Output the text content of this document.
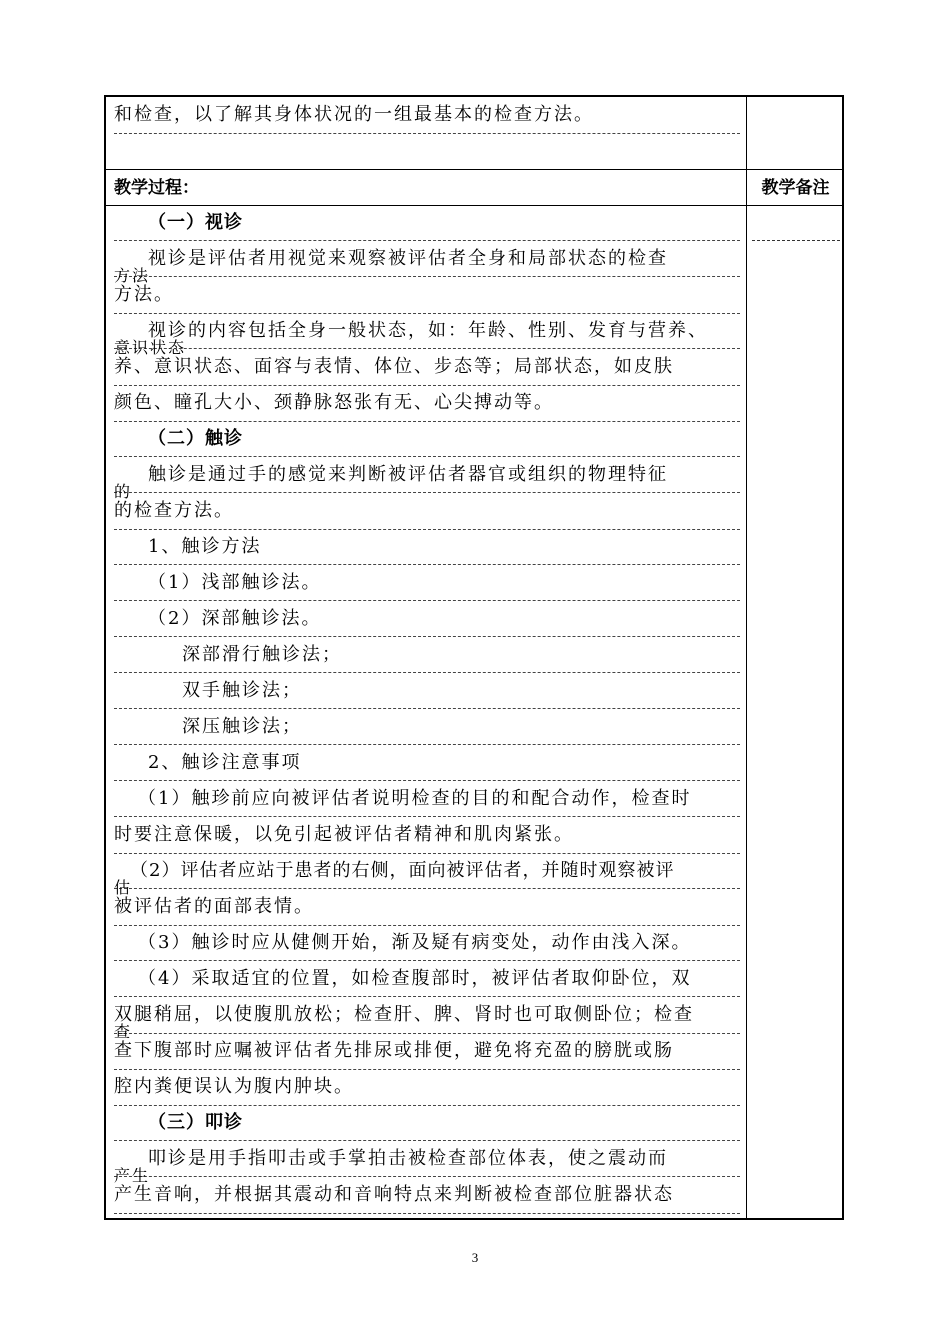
和检查，以了解其身体状况的一组最基本的检查方法。
教学过程：	教学备注
（一）视诊
视诊是评估者用视觉来观察被评估者全身和局部状态的检查
方法
方法。
视诊的内容包括全身一般状态，如：年龄、性别、发育与营养、
意识状态
养、意识状态、面容与表情、体位、步态等；局部状态，如皮肤
颜色、瞳孔大小、颈静脉怒张有无、心尖搏动等。
（二）触诊
触诊是通过手的感觉来判断被评估者器官或组织的物理特征
的
的检查方法。
1、触诊方法
（1）浅部触诊法。
（2）深部触诊法。
深部滑行触诊法；
双手触诊法；
深压触诊法；
2、触诊注意事项
（1）触珍前应向被评估者说明检查的目的和配合动作，检查时
时要注意保暖，以免引起被评估者精神和肌肉紧张。
（2）评估者应站于患者的右侧，面向被评估者，并随时观察被评
估
被评估者的面部表情。
（3）触诊时应从健侧开始，渐及疑有病变处，动作由浅入深。
（4）采取适宜的位置，如检查腹部时，被评估者取仰卧位，双
双腿稍屈，以使腹肌放松；检查肝、脾、肾时也可取侧卧位；检查
查
查下腹部时应嘱被评估者先排尿或排便，避免将充盈的膀胱或肠
腔内粪便误认为腹内肿块。
（三）叩诊
叩诊是用手指叩击或手掌拍击被检查部位体表，使之震动而
产生
产生音响，并根据其震动和音响特点来判断被检查部位脏器状态
3
